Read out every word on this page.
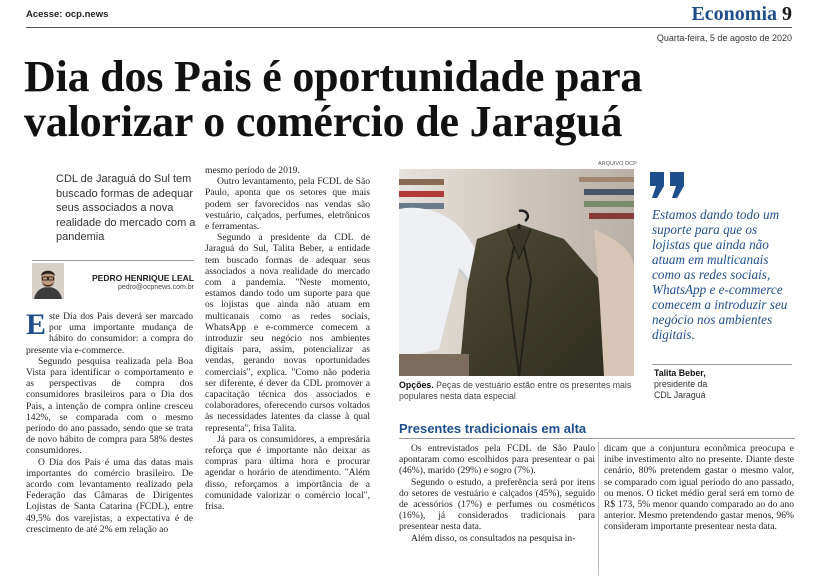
Acesse: ocp.news	Economia 9
Quarta-feira, 5 de agosto de 2020
Dia dos Pais é oportunidade para valorizar o comércio de Jaraguá
CDL de Jaraguá do Sul tem buscado formas de adequar seus associados a nova realidade do mercado com a pandemia
PEDRO HENRIQUE LEAL
pedro@ocpnews.com.br

Este Dia dos Pais deverá ser marcado por uma importante mudança de hábito do consumidor: a compra do presente via e-commerce.

Segundo pesquisa realizada pela Boa Vista para identificar o comportamento e as perspectivas de compra dos consumidores brasileiros para o Dia dos Pais, a intenção de compra online cresceu 142%, se comparada com o mesmo período do ano passado, sendo que se trata de novo hábito de compra para 58% destes consumidores.

O Dia dos Pais é uma das datas mais importantes do comércio brasileiro. De acordo com levantamento realizado pela Federação das Câmaras de Dirigentes Lojistas de Santa Catarina (FCDL), entre 49,5% dos varejistas, a expectativa é de crescimento de até 2% em relação ao

mesmo período de 2019.

Outro levantamento, pela FCDL de São Paulo, aponta que os setores que mais podem ser favorecidos nas vendas são vestuário, calçados, perfumes, eletrônicos e ferramentas.

Segundo a presidente da CDL de Jaraguá do Sul, Talita Beber, a entidade tem buscado formas de adequar seus associados a nova realidade do mercado com a pandemia. "Neste momento, estamos dando todo um suporte para que os lojistas que ainda não atuam em multicanais como as redes sociais, WhatsApp e e-commerce comecem a introduzir seu negócio nos ambientes digitais para, assim, potencializar as vendas, gerando novas oportunidades comerciais", explica. "Como não poderia ser diferente, é dever da CDL promover a capacitação técnica dos associados e colaboradores, oferecendo cursos voltados às necessidades latentes da classe à qual representa", frisa Talita.

Já para os consumidores, a empresária reforça que é importante não deixar as compras para última hora e procurar agendar o horário de atendimento. "Além disso, reforçamos a importância de a comunidade valorizar o comércio local", frisa.

ARQUIVO OCP
Opções. Peças de vestuário estão entre os presentes mais populares nesta data especial
Estamos dando todo um suporte para que os lojistas que ainda não atuam em multicanais como as redes sociais, WhatsApp e e-commerce comecem a introduzir seu negócio nos ambientes digitais.
Talita Beber,
presidente da
CDL Jaraguá
Presentes tradicionais em alta

Os entrevistados pela FCDL de São Paulo apontaram como escolhidos para presentear o pai (46%), marido (29%) e sogro (7%).

Segundo o estudo, a preferência será por itens do setores de vestuário e calçados (45%), seguido de acessórios (17%) e perfumes ou cosméticos (16%), já considerados tradicionais para presentear nesta data.

Além disso, os consultados na pesquisa in-

dicam que a conjuntura econômica preocupa e inibe investimento alto no presente. Diante deste cenário, 80% pretendem gastar o mesmo valor, se comparado com igual período do ano passado, ou menos. O ticket médio geral será em torno de R$ 173, 5% menor quando comparado ao do ano anterior. Mesmo pretendendo gastar menos, 96% consideram importante presentear nesta data.
